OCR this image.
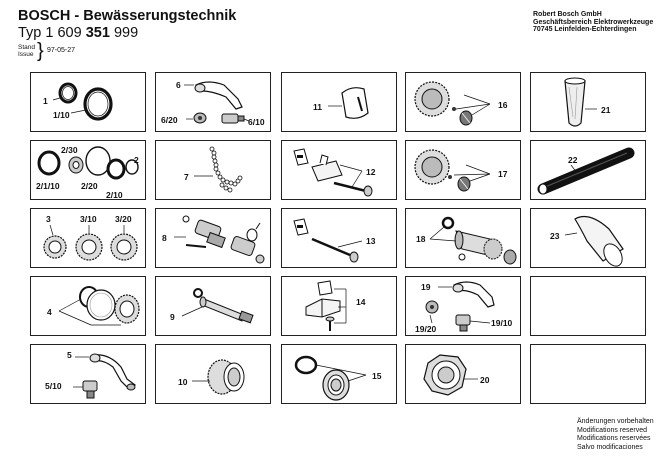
BOSCH - Bewässerungstechnik
Typ 1 609 351 999
Stand
Issue } 97-05-27
Robert Bosch GmbH
Geschäftsbereich Elektrowerkzeuge
70745 Leinfelden-Echterdingen
1
1/10
6
6/20	6/10
11	16	21
2/30
2
2/1/10	2/20
2/10
7	12	17
22
3	3/10 3/20
8	13	18	23
4	9
14
19
19/20
19/10
5
5/10	10
15	20
Änderungen vorbehalten
Modifications reserved
Modifications reservées
Salvo modificaciones
